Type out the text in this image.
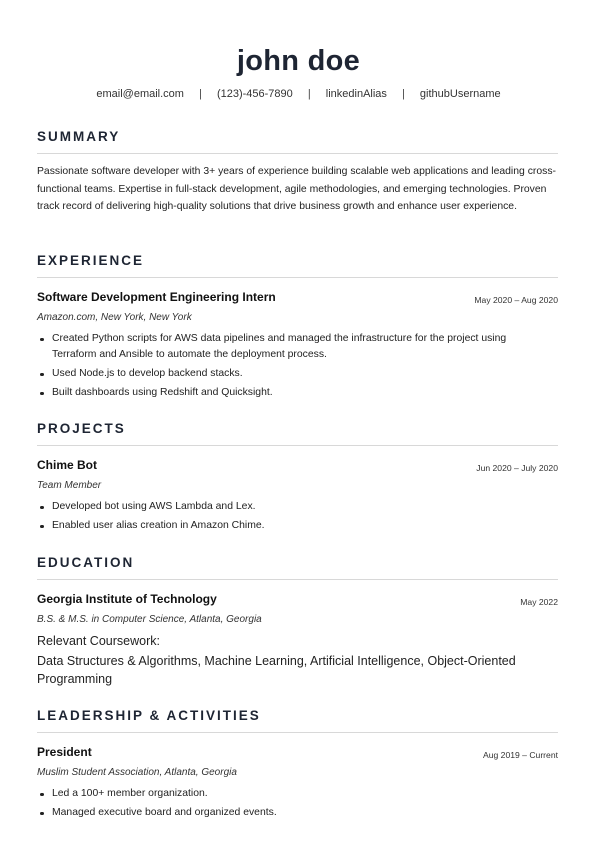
john doe
email@email.com | (123)-456-7890 | linkedinAlias | githubUsername
SUMMARY
Passionate software developer with 3+ years of experience building scalable web applications and leading cross-functional teams. Expertise in full-stack development, agile methodologies, and emerging technologies. Proven track record of delivering high-quality solutions that drive business growth and enhance user experience.
EXPERIENCE
Software Development Engineering Intern	May 2020 – Aug 2020
Amazon.com, New York, New York
Created Python scripts for AWS data pipelines and managed the infrastructure for the project using Terraform and Ansible to automate the deployment process.
Used Node.js to develop backend stacks.
Built dashboards using Redshift and Quicksight.
PROJECTS
Chime Bot	Jun 2020 – July 2020
Team Member
Developed bot using AWS Lambda and Lex.
Enabled user alias creation in Amazon Chime.
EDUCATION
Georgia Institute of Technology	May 2022
B.S. & M.S. in Computer Science, Atlanta, Georgia
Relevant Coursework:
Data Structures & Algorithms, Machine Learning, Artificial Intelligence, Object-Oriented Programming
LEADERSHIP & ACTIVITIES
President	Aug 2019 – Current
Muslim Student Association, Atlanta, Georgia
Led a 100+ member organization.
Managed executive board and organized events.
